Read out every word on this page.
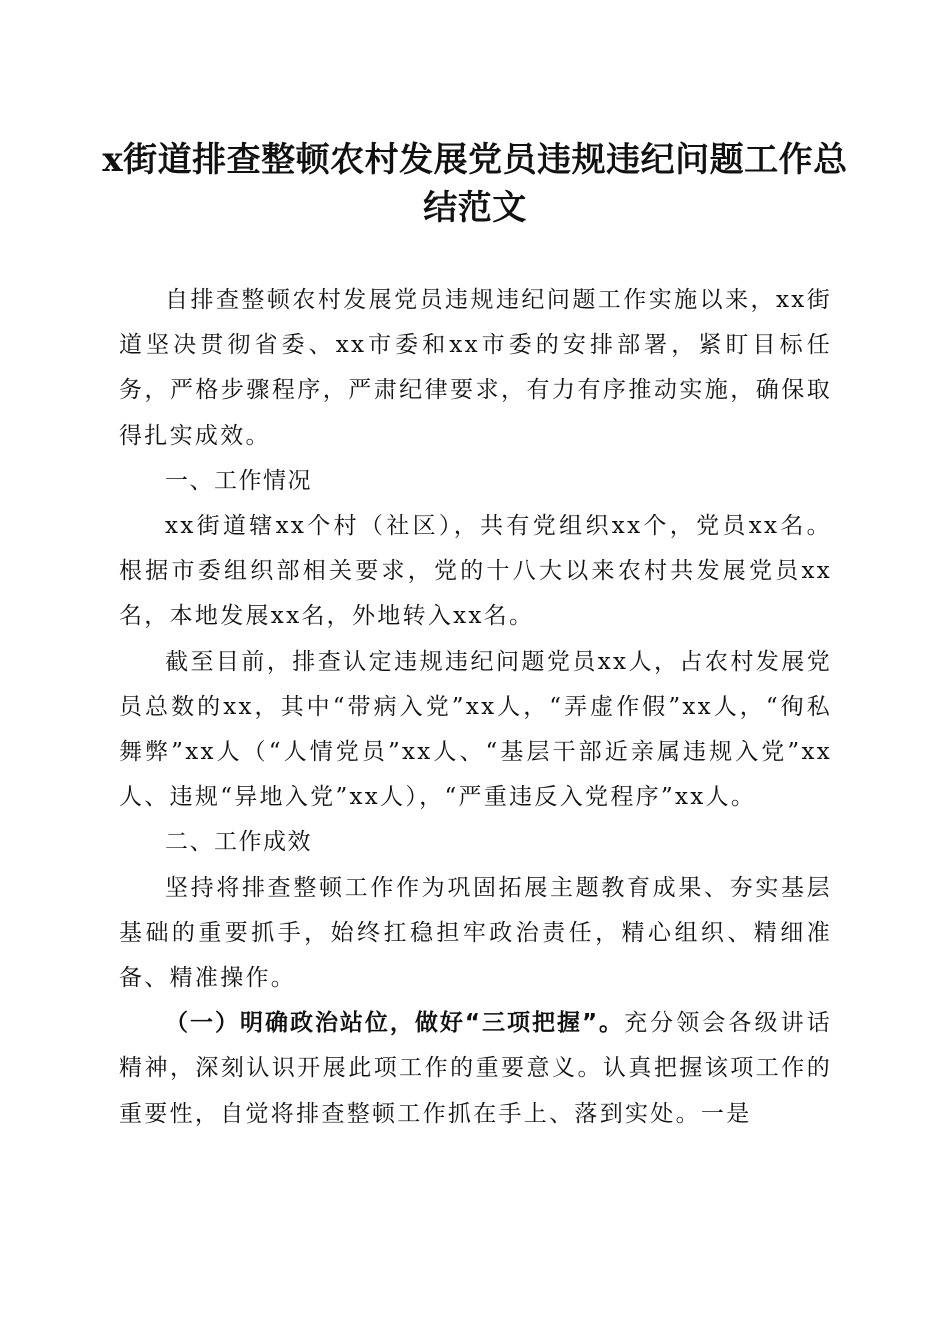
x街道排查整顿农村发展党员违规违纪问题工作总结范文

自排查整顿农村发展党员违规违纪问题工作实施以来，xx街道坚决贯彻省委、xx市委和xx市委的安排部署，紧盯目标任务，严格步骤程序，严肃纪律要求，有力有序推动实施，确保取得扎实成效。

一、工作情况

xx街道辖xx个村（社区），共有党组织xx个，党员xx名。根据市委组织部相关要求，党的十八大以来农村共发展党员xx名，本地发展xx名，外地转入xx名。

截至目前，排查认定违规违纪问题党员xx人，占农村发展党员总数的xx，其中“带病入党”xx人，“弄虚作假”xx人，“徇私舞弊”xx人（“人情党员”xx人、“基层干部近亲属违规入党”xx人、违规“异地入党”xx人），“严重违反入党程序”xx人。

二、工作成效

坚持将排查整顿工作作为巩固拓展主题教育成果、夯实基层基础的重要抓手，始终扛稳担牢政治责任，精心组织、精细准备、精准操作。

（一）明确政治站位，做好“三项把握”。充分领会各级讲话精神，深刻认识开展此项工作的重要意义。认真把握该项工作的重要性，自觉将排查整顿工作抓在手上、落到实处。一是
